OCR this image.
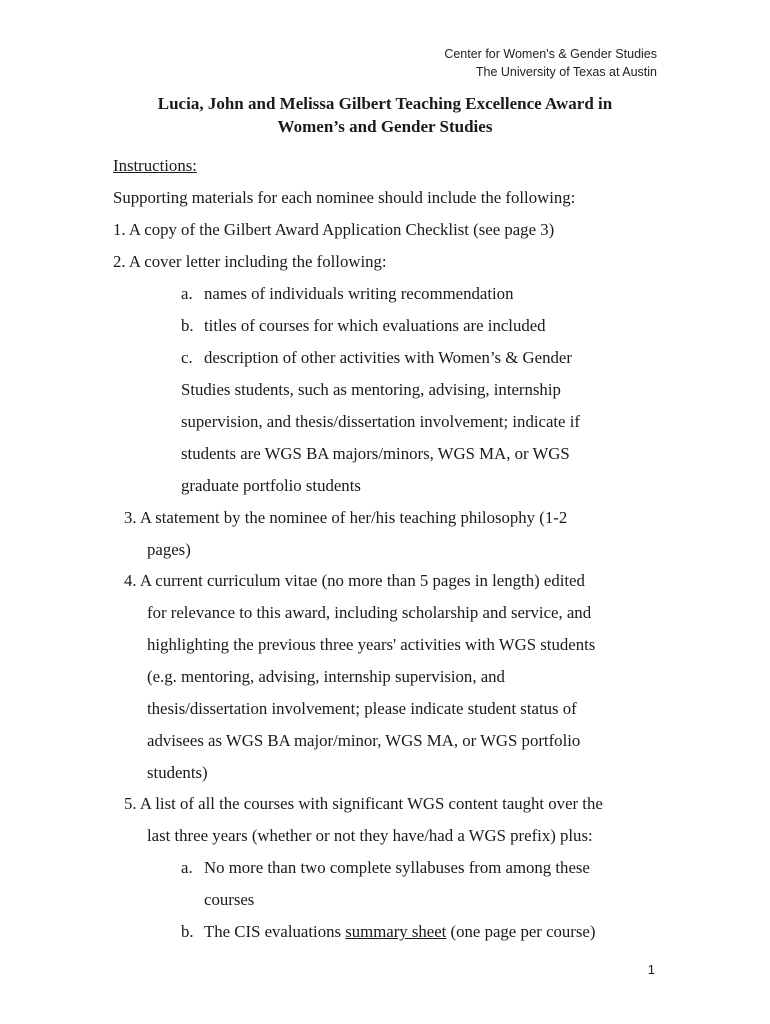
Center for Women's & Gender Studies
The University of Texas at Austin
Lucia, John and Melissa Gilbert Teaching Excellence Award in
Women’s and Gender Studies
Instructions:
Supporting materials for each nominee should include the following:
1. A copy of the Gilbert Award Application Checklist (see page 3)
2. A cover letter including the following:
a. names of individuals writing recommendation
b. titles of courses for which evaluations are included
c. description of other activities with Women’s & Gender
Studies students, such as mentoring, advising, internship
supervision, and thesis/dissertation involvement; indicate if
students are WGS BA majors/minors, WGS MA, or WGS
graduate portfolio students
3. A statement by the nominee of her/his teaching philosophy (1-2
pages)
4. A current curriculum vitae (no more than 5 pages in length) edited
for relevance to this award, including scholarship and service, and
highlighting the previous three years' activities with WGS students
(e.g. mentoring, advising, internship supervision, and
thesis/dissertation involvement; please indicate student status of
advisees as WGS BA major/minor, WGS MA, or WGS portfolio
students)
5. A list of all the courses with significant WGS content taught over the
last three years (whether or not they have/had a WGS prefix) plus:
a. No more than two complete syllabuses from among these
courses
b. The CIS evaluations summary sheet (one page per course)
1
